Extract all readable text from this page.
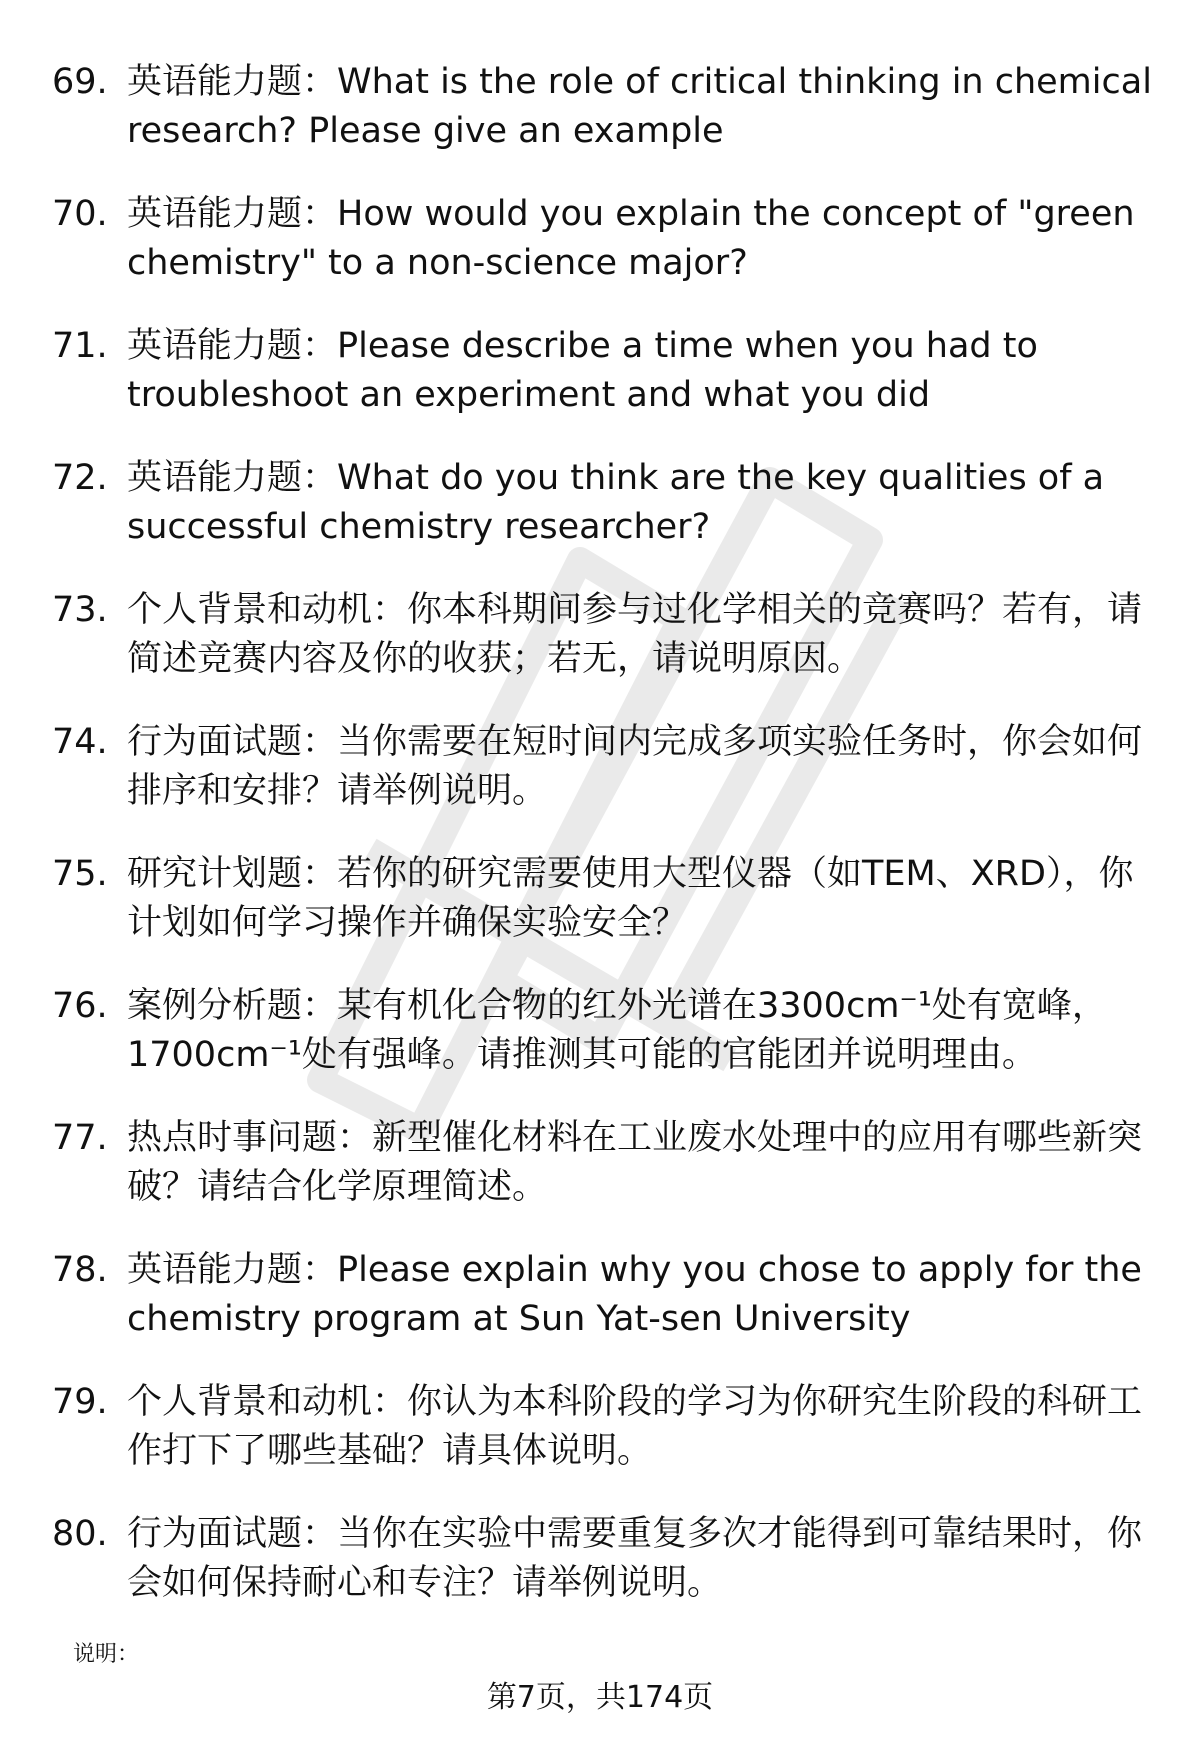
69. 英语能力题：What is the role of critical thinking in chemical research? Please give an example
70. 英语能力题：How would you explain the concept of "green chemistry" to a non-science major?
71. 英语能力题：Please describe a time when you had to troubleshoot an experiment and what you did
72. 英语能力题：What do you think are the key qualities of a successful chemistry researcher?
73. 个人背景和动机：你本科期间参与过化学相关的竞赛吗？若有，请简述竞赛内容及你的收获；若无，请说明原因。
74. 行为面试题：当你需要在短时间内完成多项实验任务时，你会如何排序和安排？请举例说明。
75. 研究计划题：若你的研究需要使用大型仪器（如TEM、XRD），你计划如何学习操作并确保实验安全？
76. 案例分析题：某有机化合物的红外光谱在3300cm⁻¹处有宽峰，1700cm⁻¹处有强峰。请推测其可能的官能团并说明理由。
77. 热点时事问题：新型催化材料在工业废水处理中的应用有哪些新突破？请结合化学原理简述。
78. 英语能力题：Please explain why you chose to apply for the chemistry program at Sun Yat-sen University
79. 个人背景和动机：你认为本科阶段的学习为你研究生阶段的科研工作打下了哪些基础？请具体说明。
80. 行为面试题：当你在实验中需要重复多次才能得到可靠结果时，你会如何保持耐心和专注？请举例说明。
说明：
第7页，共174页
